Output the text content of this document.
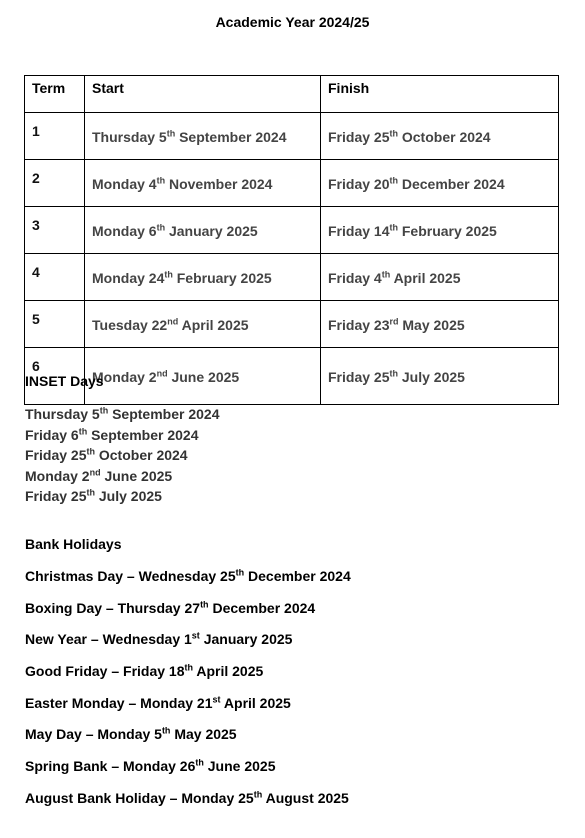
Academic Year 2024/25
Term	Start	Finish
1	Thursday 5th September 2024	Friday 25th October 2024
2	Monday 4th November 2024	Friday 20th December 2024
3	Monday 6th January 2025	Friday 14th February 2025
4	Monday 24th February 2025	Friday 4th April 2025
5	Tuesday 22nd April 2025	Friday 23rd May 2025
6	Monday 2nd June 2025	Friday 25th July 2025
INSET Days
Thursday 5th September 2024
Friday 6th September 2024
Friday 25th October 2024
Monday 2nd June 2025
Friday 25th July 2025
Bank Holidays
Christmas Day – Wednesday 25th December 2024
Boxing Day – Thursday 27th December 2024
New Year – Wednesday 1st January 2025
Good Friday – Friday 18th April 2025
Easter Monday – Monday 21st April 2025
May Day – Monday 5th May 2025
Spring Bank – Monday 26th June 2025
August Bank Holiday – Monday 25th August 2025
